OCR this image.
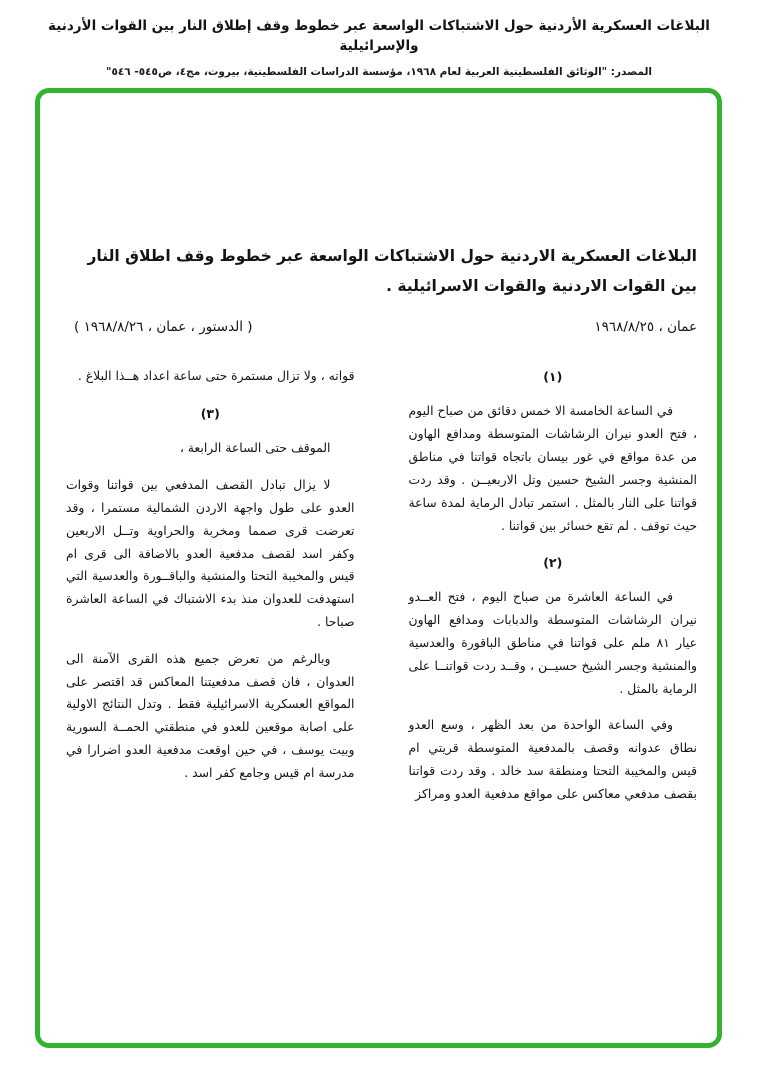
البلاغات العسكرية الأردنية حول الاشتباكات الواسعة عبر خطوط وقف إطلاق النار بين القوات الأردنية والإسرائيلية
المصدر: "الوثائق الفلسطينية العربية لعام ١٩٦٨، مؤسسة الدراسات الفلسطينية، بيروت، مج٤، ص٥٤٥- ٥٤٦"
البلاغات العسكرية الاردنية حول الاشتباكات الواسعة عبر خطوط وقف اطلاق النار بين القوات الاردنية والقوات الاسرائيلية .
عمان ، ١٩٦٨/٨/٢٥
( الدستور ، عمان ، ١٩٦٨/٨/٢٦ )
(١)

في الساعة الخامسة الا خمس دقائق من صباح اليوم ، فتح العدو نيران الرشاشات المتوسطة ومدافع الهاون من عدة مواقع في غور بيسان باتجاه قواتنا في مناطق المنشية وجسر الشيخ حسين وتل الاربعيــن . وقد ردت قواتنا على النار بالمثل . استمر تبادل الرماية لمدة ساعة حيث توقف . لم تقع خسائر بين قواتنا .

(٢)

في الساعة العاشرة من صباح اليوم ، فتح العــدو نيران الرشاشات المتوسطة والدبابات ومدافع الهاون عيار ٨١ ملم على قواتنا في مناطق الباقورة والعدسية والمنشية وجسر الشيخ حسيــن ، وقــد ردت قواتنــا على الرماية بالمثل .

وفي الساعة الواحدة من بعد الظهر ، وسع العدو نطاق عدوانه وقصف بالمدفعية المتوسطة قريتي ام قيس والمخيبة التحتا ومنطقة سد خالد . وقد ردت قواتنا بقصف مدفعي معاكس على مواقع مدفعية العدو ومراكز

قواته ، ولا تزال مستمرة حتى ساعة اعداد هــذا البلاغ .

(٣)

الموقف حتى الساعة الرابعة ،

لا يزال تبادل القصف المدفعي بين قواتنا وقوات العدو على طول واجهة الاردن الشمالية مستمرا ، وقد تعرضت قرى صمما ومخربة والحراوية وتــل الاربعين وكفر اسد لقصف مدفعية العدو بالاضافة الى قرى ام قيس والمخيبة التحتا والمنشية والباقــورة والعدسية التي استهدفت للعدوان منذ بدء الاشتباك في الساعة العاشرة صباحا .

وبالرغم من تعرض جميع هذه القرى الآمنة الى العدوان ، فان قصف مدفعيتنا المعاكس قد اقتصر على المواقع العسكرية الاسرائيلية فقط . وتدل النتائج الاولية على اصابة موقعين للعدو في منطقتي الحمــة السورية وبيت يوسف ، في حين اوقعت مدفعية العدو اضرارا في مدرسة ام قيس وجامع كفر اسد .
